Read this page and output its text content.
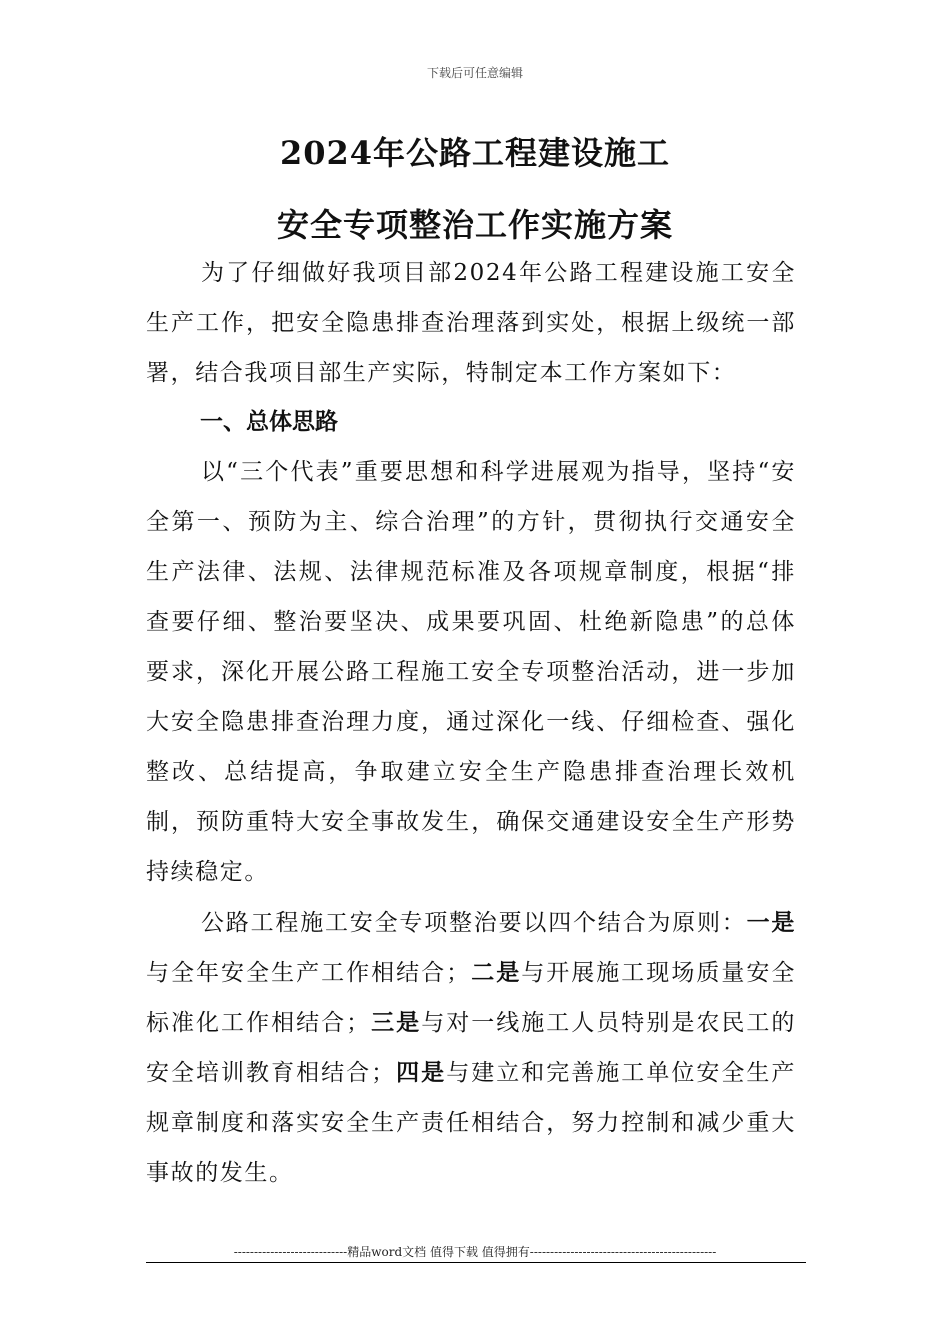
下载后可任意编辑
2024年公路工程建设施工
安全专项整治工作实施方案
为了仔细做好我项目部2024年公路工程建设施工安全生产工作，把安全隐患排查治理落到实处，根据上级统一部署，结合我项目部生产实际，特制定本工作方案如下：
一、总体思路
以“三个代表”重要思想和科学进展观为指导，坚持“安全第一、预防为主、综合治理”的方针，贯彻执行交通安全生产法律、法规、法律规范标准及各项规章制度，根据“排查要仔细、整治要坚决、成果要巩固、杜绝新隐患”的总体要求，深化开展公路工程施工安全专项整治活动，进一步加大安全隐患排查治理力度，通过深化一线、仔细检查、强化整改、总结提高，争取建立安全生产隐患排查治理长效机制，预防重特大安全事故发生，确保交通建设安全生产形势持续稳定。
公路工程施工安全专项整治要以四个结合为原则：一是与全年安全生产工作相结合；二是与开展施工现场质量安全标准化工作相结合；三是与对一线施工人员特别是农民工的安全培训教育相结合；四是与建立和完善施工单位安全生产规章制度和落实安全生产责任相结合，努力控制和减少重大事故的发生。
----------------------------精品word文档 值得下载 值得拥有----------------------------------------------
